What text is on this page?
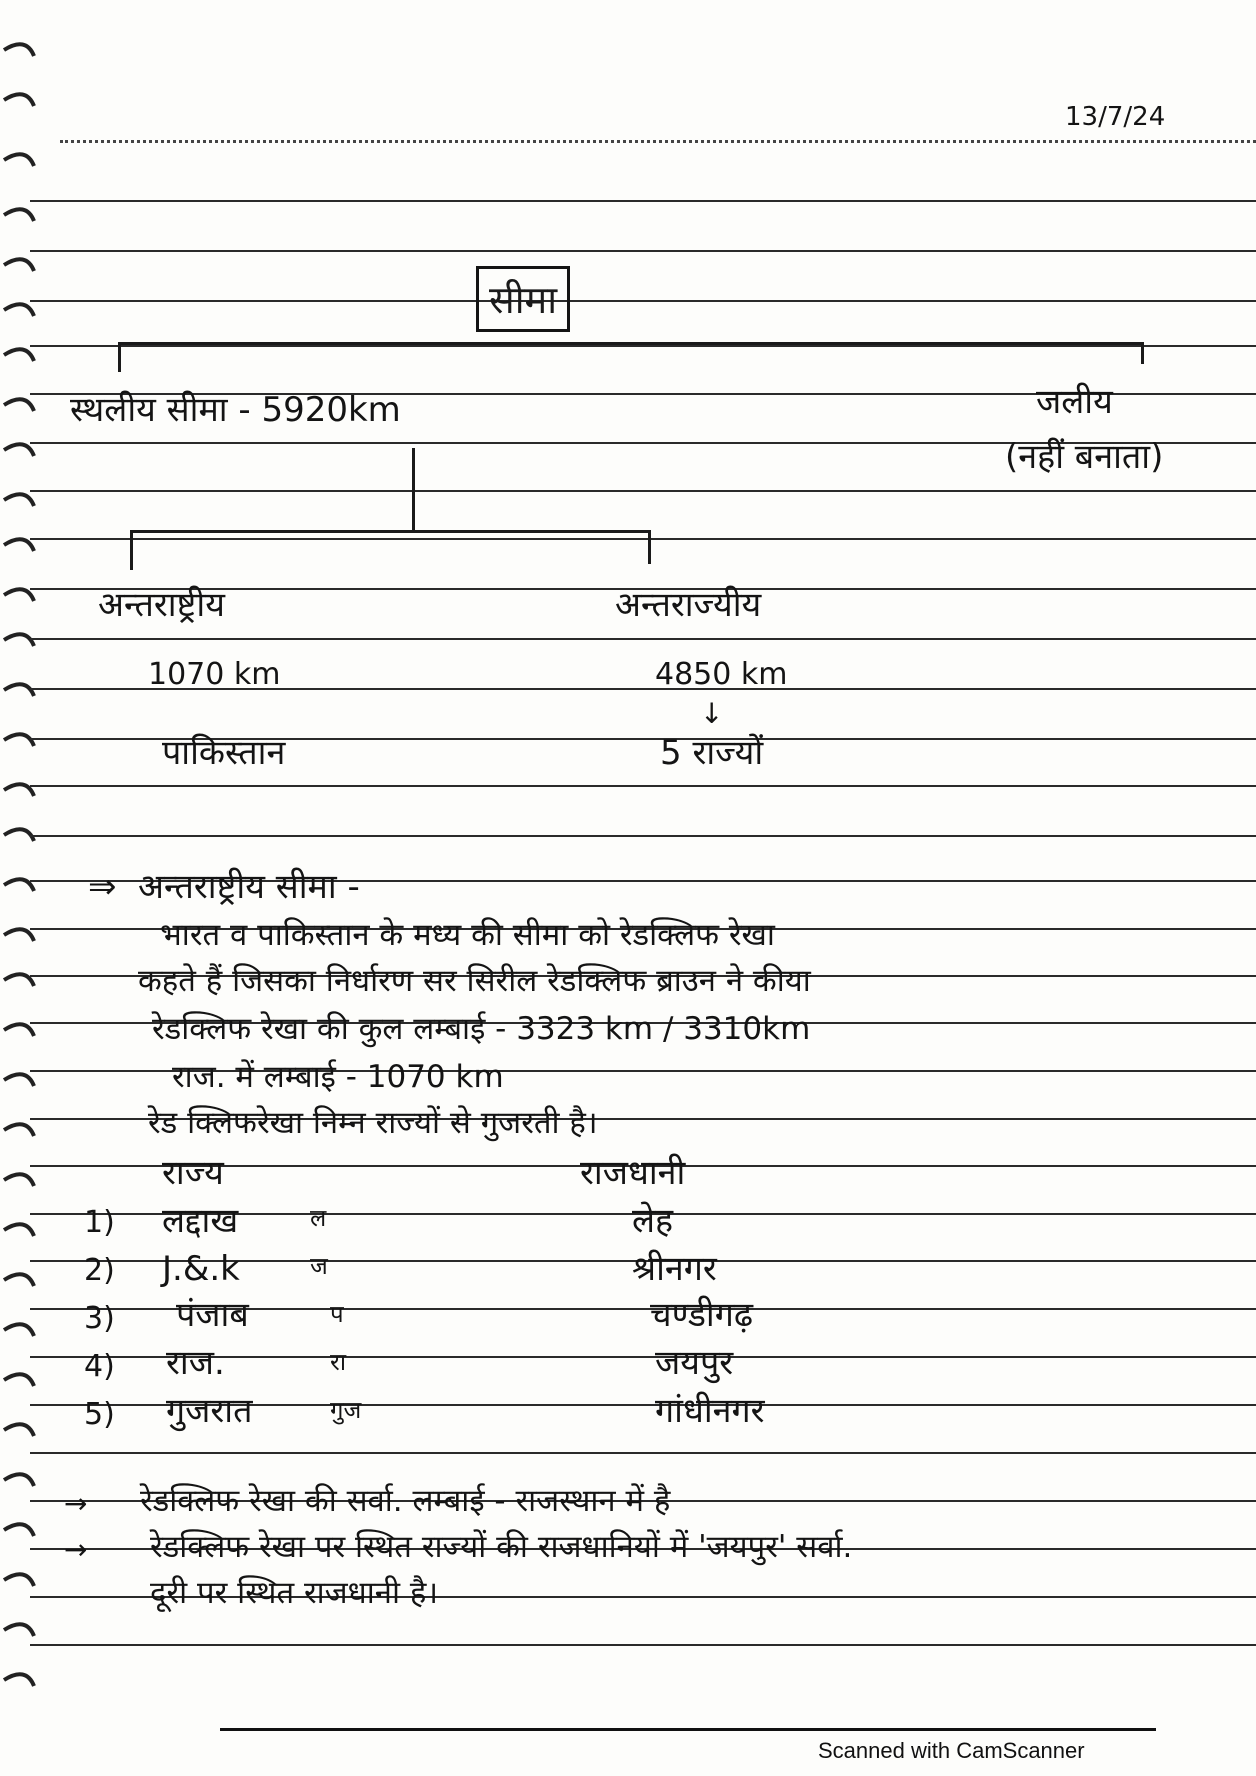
13/7/24
सीमा
स्थलीय सीमा - 5920km	जलीय
(नहीं बनाता)
अन्तराष्ट्रीय	अन्तराज्यीय
1070 km	4850 km
↓
पाकिस्तान	5 राज्यों
⇒ अन्तराष्ट्रीय सीमा -
भारत व पाकिस्तान के मध्य की सीमा को रेडक्लिफ रेखा
कहते हैं जिसका निर्धारण सर सिरील रेडक्लिफ ब्राउन ने कीया
रेडक्लिफ रेखा की कुल लम्बाई - 3323 km / 3310km
राज. में लम्बाई - 1070 km
रेड क्लिफरेखा निम्न राज्यों से गुजरती है।
राज्य	राजधानी
1) लद्दाख	ल	लेह
2) J.&.k	ज	श्रीनगर
3) पंजाब	प	चण्डीगढ़
4) राज.	रा	जयपुर
5) गुजरात	गुज	गांधीनगर
→ रेडक्लिफ रेखा की सर्वा. लम्बाई - राजस्थान में है
→ रेडक्लिफ रेखा पर स्थित राज्यों की राजधानियों में 'जयपुर' सर्वा.
दूरी पर स्थित राजधानी है।
Scanned with CamScanner
